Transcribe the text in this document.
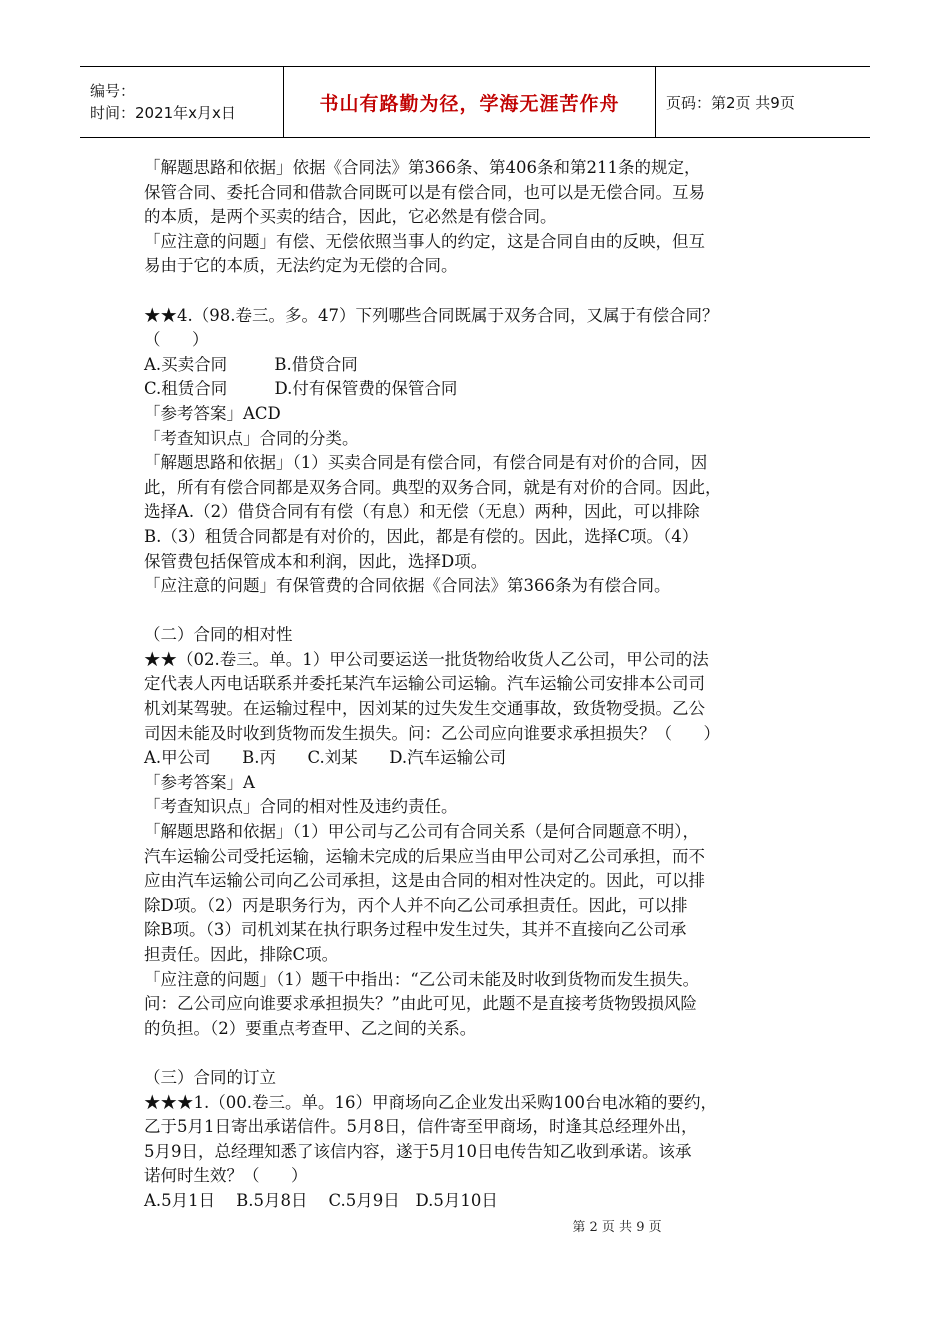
编号：
时间：2021年x月x日	书山有路勤为径，学海无涯苦作舟	页码：第2页 共9页

「解题思路和依据」依据《合同法》第366条、第406条和第211条的规定，

保管合同、委托合同和借款合同既可以是有偿合同，也可以是无偿合同。互易

的本质，是两个买卖的结合，因此，它必然是有偿合同。

「应注意的问题」有偿、无偿依照当事人的约定，这是合同自由的反映，但互

易由于它的本质，无法约定为无偿的合同。

★★4.（98.卷三。多。47）下列哪些合同既属于双务合同，又属于有偿合同？

（      ）

A.买卖合同         B.借贷合同

C.租赁合同         D.付有保管费的保管合同

「参考答案」ACD

「考查知识点」合同的分类。

「解题思路和依据」（1）买卖合同是有偿合同，有偿合同是有对价的合同，因

此，所有有偿合同都是双务合同。典型的双务合同，就是有对价的合同。因此，

选择A.（2）借贷合同有有偿（有息）和无偿（无息）两种，因此，可以排除

B.（3）租赁合同都是有对价的，因此，都是有偿的。因此，选择C项。（4）

保管费包括保管成本和利润，因此，选择D项。

「应注意的问题」有保管费的合同依据《合同法》第366条为有偿合同。

（二）合同的相对性

★★（02.卷三。单。1）甲公司要运送一批货物给收货人乙公司，甲公司的法

定代表人丙电话联系并委托某汽车运输公司运输。汽车运输公司安排本公司司

机刘某驾驶。在运输过程中，因刘某的过失发生交通事故，致货物受损。乙公

司因未能及时收到货物而发生损失。问：乙公司应向谁要求承担损失？（      ）

A.甲公司      B.丙      C.刘某      D.汽车运输公司

「参考答案」A

「考查知识点」合同的相对性及违约责任。

「解题思路和依据」（1）甲公司与乙公司有合同关系（是何合同题意不明），

汽车运输公司受托运输，运输未完成的后果应当由甲公司对乙公司承担，而不

应由汽车运输公司向乙公司承担，这是由合同的相对性决定的。因此，可以排

除D项。（2）丙是职务行为，丙个人并不向乙公司承担责任。因此，可以排

除B项。（3）司机刘某在执行职务过程中发生过失，其并不直接向乙公司承

担责任。因此，排除C项。

「应注意的问题」（1）题干中指出：“乙公司未能及时收到货物而发生损失。

问：乙公司应向谁要求承担损失？”由此可见，此题不是直接考货物毁损风险

的负担。（2）要重点考查甲、乙之间的关系。

（三）合同的订立

★★★1.（00.卷三。单。16）甲商场向乙企业发出采购100台电冰箱的要约，

乙于5月1日寄出承诺信件。5月8日，信件寄至甲商场，时逢其总经理外出，

5月9日，总经理知悉了该信内容，遂于5月10日电传告知乙收到承诺。该承

诺何时生效？（      ）

A.5月1日    B.5月8日    C.5月9日   D.5月10日

第 2 页 共 9 页
